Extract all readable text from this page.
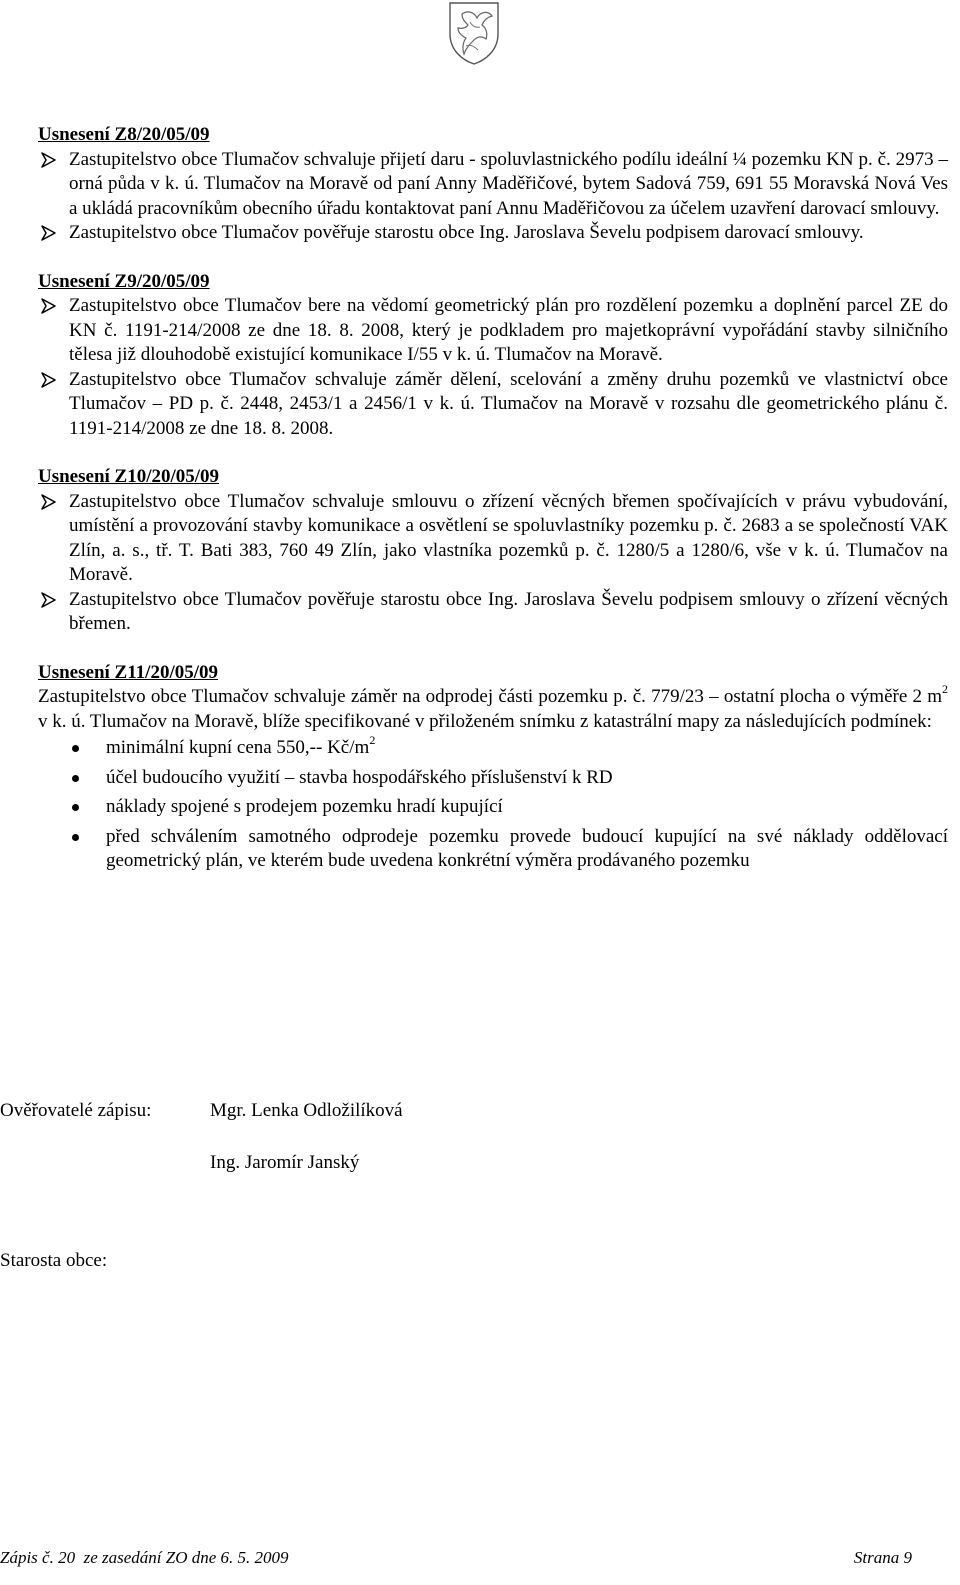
Usnesení Z8/20/05/09
Zastupitelstvo obce Tlumačov schvaluje přijetí daru - spoluvlastnického podílu ideální ¼ pozemku KN p. č. 2973 – orná půda v k. ú. Tlumačov na Moravě od paní Anny Maděřičové, bytem Sadová 759, 691 55 Moravská Nová Ves a ukládá pracovníkům obecního úřadu kontaktovat paní Annu Maděřičovou za účelem uzavření darovací smlouvy.
Zastupitelstvo obce Tlumačov pověřuje starostu obce Ing. Jaroslava Ševelu podpisem darovací smlouvy.
Usnesení Z9/20/05/09
Zastupitelstvo obce Tlumačov bere na vědomí geometrický plán pro rozdělení pozemku a doplnění parcel ZE do KN č. 1191-214/2008 ze dne 18. 8. 2008, který je podkladem pro majetkoprávní vypořádání stavby silničního tělesa již dlouhodobě existující komunikace I/55 v k. ú. Tlumačov na Moravě.
Zastupitelstvo obce Tlumačov schvaluje záměr dělení, scelování a změny druhu pozemků ve vlastnictví obce Tlumačov – PD p. č. 2448, 2453/1 a 2456/1 v k. ú. Tlumačov na Moravě v rozsahu dle geometrického plánu č. 1191-214/2008 ze dne 18. 8. 2008.
Usnesení Z10/20/05/09
Zastupitelstvo obce Tlumačov schvaluje smlouvu o zřízení věcných břemen spočívajících v právu vybudování, umístění a provozování stavby komunikace a osvětlení se spoluvlastníky pozemku p. č. 2683 a se společností VAK Zlín, a. s., tř. T. Bati 383, 760 49 Zlín, jako vlastníka pozemků p. č. 1280/5 a 1280/6, vše v k. ú. Tlumačov na Moravě.
Zastupitelstvo obce Tlumačov pověřuje starostu obce Ing. Jaroslava Ševelu podpisem smlouvy o zřízení věcných břemen.
Usnesení Z11/20/05/09
Zastupitelstvo obce Tlumačov schvaluje záměr na odprodej části pozemku p. č. 779/23 – ostatní plocha o výměře 2 $m^2$ v k. ú. Tlumačov na Moravě, blíže specifikované v přiloženém snímku z katastrální mapy za následujících podmínek:
minimální kupní cena 550,-- $Kč/m^2$
účel budoucího využití – stavba hospodářského příslušenství k RD
náklady spojené s prodejem pozemku hradí kupující
před schválením samotného odprodeje pozemku provede budoucí kupující na své náklady oddělovací geometrický plán, ve kterém bude uvedena konkrétní výměra prodávaného pozemku
Ověřovatelé zápisu:	Mgr. Lenka Odložilíková
Ing. Jaromír Janský
Starosta obce:
Zápis č. 20  ze zasedání ZO dne 6. 5. 2009	Strana 9
